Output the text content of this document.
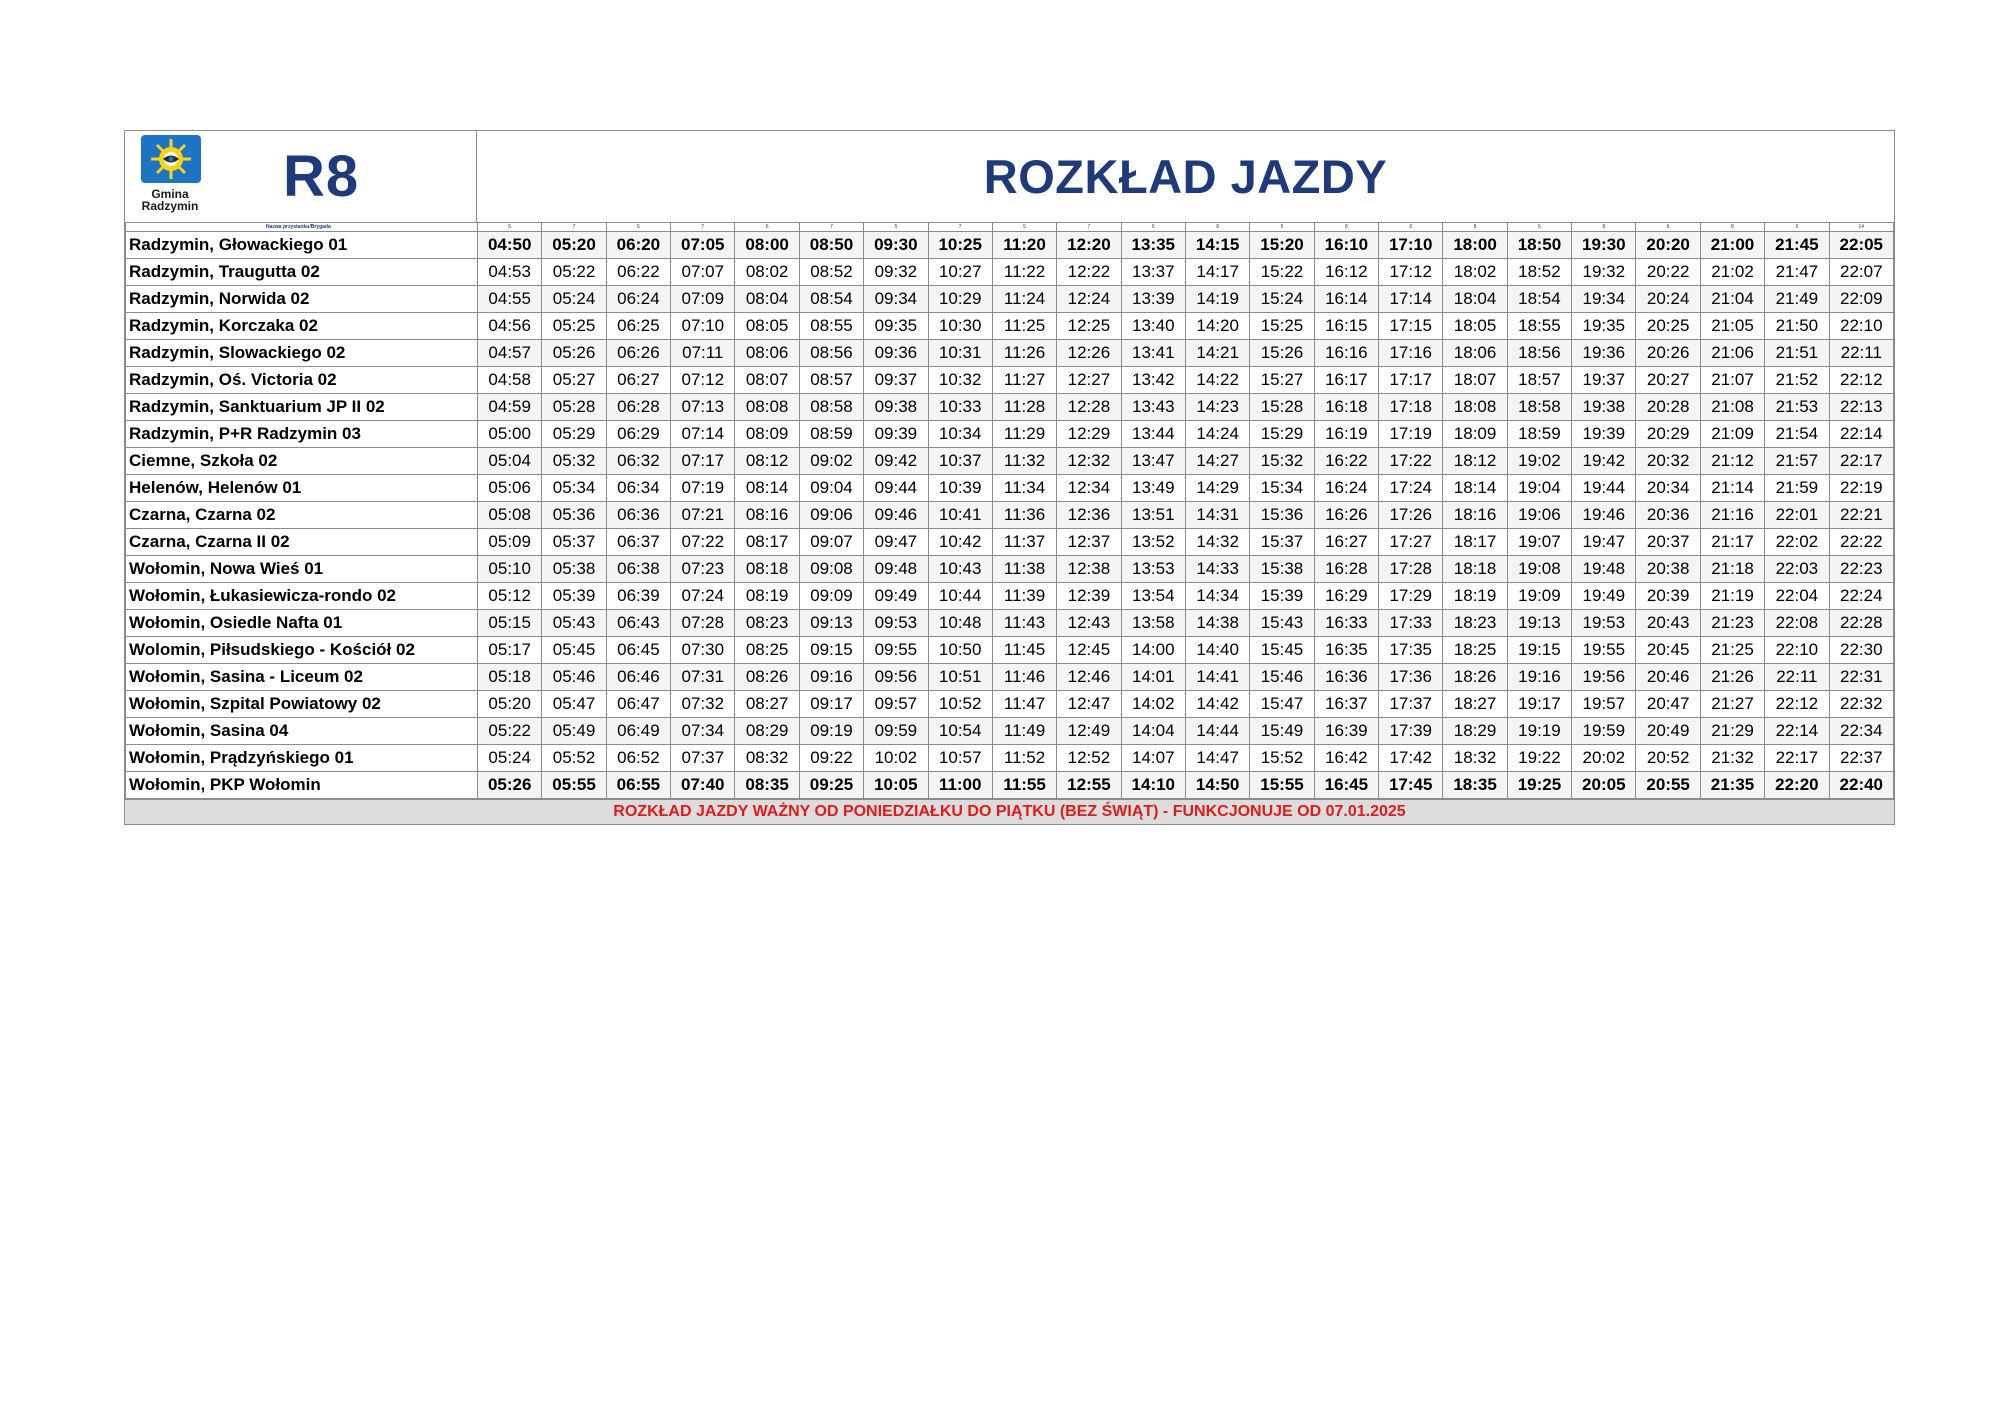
Gmina Radzymin R8	ROZKŁAD JAZDY
Nazwa przystanku/Brygada	5	7	5	7	5	7	5	7	5	7	6	8	6	8	6	8	6	8	6	8	6	14
Radzymin, Głowackiego 01	04:50	05:20	06:20	07:05	08:00	08:50	09:30	10:25	11:20	12:20	13:35	14:15	15:20	16:10	17:10	18:00	18:50	19:30	20:20	21:00	21:45	22:05
Radzymin, Traugutta 02	04:53	05:22	06:22	07:07	08:02	08:52	09:32	10:27	11:22	12:22	13:37	14:17	15:22	16:12	17:12	18:02	18:52	19:32	20:22	21:02	21:47	22:07
Radzymin, Norwida 02	04:55	05:24	06:24	07:09	08:04	08:54	09:34	10:29	11:24	12:24	13:39	14:19	15:24	16:14	17:14	18:04	18:54	19:34	20:24	21:04	21:49	22:09
Radzymin, Korczaka 02	04:56	05:25	06:25	07:10	08:05	08:55	09:35	10:30	11:25	12:25	13:40	14:20	15:25	16:15	17:15	18:05	18:55	19:35	20:25	21:05	21:50	22:10
Radzymin, Slowackiego 02	04:57	05:26	06:26	07:11	08:06	08:56	09:36	10:31	11:26	12:26	13:41	14:21	15:26	16:16	17:16	18:06	18:56	19:36	20:26	21:06	21:51	22:11
Radzymin, Oś. Victoria 02	04:58	05:27	06:27	07:12	08:07	08:57	09:37	10:32	11:27	12:27	13:42	14:22	15:27	16:17	17:17	18:07	18:57	19:37	20:27	21:07	21:52	22:12
Radzymin, Sanktuarium JP II 02	04:59	05:28	06:28	07:13	08:08	08:58	09:38	10:33	11:28	12:28	13:43	14:23	15:28	16:18	17:18	18:08	18:58	19:38	20:28	21:08	21:53	22:13
Radzymin, P+R Radzymin 03	05:00	05:29	06:29	07:14	08:09	08:59	09:39	10:34	11:29	12:29	13:44	14:24	15:29	16:19	17:19	18:09	18:59	19:39	20:29	21:09	21:54	22:14
Ciemne, Szkoła 02	05:04	05:32	06:32	07:17	08:12	09:02	09:42	10:37	11:32	12:32	13:47	14:27	15:32	16:22	17:22	18:12	19:02	19:42	20:32	21:12	21:57	22:17
Helenów, Helenów 01	05:06	05:34	06:34	07:19	08:14	09:04	09:44	10:39	11:34	12:34	13:49	14:29	15:34	16:24	17:24	18:14	19:04	19:44	20:34	21:14	21:59	22:19
Czarna, Czarna 02	05:08	05:36	06:36	07:21	08:16	09:06	09:46	10:41	11:36	12:36	13:51	14:31	15:36	16:26	17:26	18:16	19:06	19:46	20:36	21:16	22:01	22:21
Czarna, Czarna II 02	05:09	05:37	06:37	07:22	08:17	09:07	09:47	10:42	11:37	12:37	13:52	14:32	15:37	16:27	17:27	18:17	19:07	19:47	20:37	21:17	22:02	22:22
Wołomin, Nowa Wieś 01	05:10	05:38	06:38	07:23	08:18	09:08	09:48	10:43	11:38	12:38	13:53	14:33	15:38	16:28	17:28	18:18	19:08	19:48	20:38	21:18	22:03	22:23
Wołomin, Łukasiewicza-rondo 02	05:12	05:39	06:39	07:24	08:19	09:09	09:49	10:44	11:39	12:39	13:54	14:34	15:39	16:29	17:29	18:19	19:09	19:49	20:39	21:19	22:04	22:24
Wołomin, Osiedle Nafta 01	05:15	05:43	06:43	07:28	08:23	09:13	09:53	10:48	11:43	12:43	13:58	14:38	15:43	16:33	17:33	18:23	19:13	19:53	20:43	21:23	22:08	22:28
Wolomin, Piłsudskiego - Kościół 02	05:17	05:45	06:45	07:30	08:25	09:15	09:55	10:50	11:45	12:45	14:00	14:40	15:45	16:35	17:35	18:25	19:15	19:55	20:45	21:25	22:10	22:30
Wołomin, Sasina - Liceum 02	05:18	05:46	06:46	07:31	08:26	09:16	09:56	10:51	11:46	12:46	14:01	14:41	15:46	16:36	17:36	18:26	19:16	19:56	20:46	21:26	22:11	22:31
Wołomin, Szpital Powiatowy 02	05:20	05:47	06:47	07:32	08:27	09:17	09:57	10:52	11:47	12:47	14:02	14:42	15:47	16:37	17:37	18:27	19:17	19:57	20:47	21:27	22:12	22:32
Wołomin, Sasina 04	05:22	05:49	06:49	07:34	08:29	09:19	09:59	10:54	11:49	12:49	14:04	14:44	15:49	16:39	17:39	18:29	19:19	19:59	20:49	21:29	22:14	22:34
Wołomin, Prądzyńskiego 01	05:24	05:52	06:52	07:37	08:32	09:22	10:02	10:57	11:52	12:52	14:07	14:47	15:52	16:42	17:42	18:32	19:22	20:02	20:52	21:32	22:17	22:37
Wołomin, PKP Wołomin	05:26	05:55	06:55	07:40	08:35	09:25	10:05	11:00	11:55	12:55	14:10	14:50	15:55	16:45	17:45	18:35	19:25	20:05	20:55	21:35	22:20	22:40
ROZKŁAD JAZDY WAŻNY OD PONIEDZIAŁKU DO PIĄTKU (BEZ ŚWIĄT) - FUNKCJONUJE OD 07.01.2025
